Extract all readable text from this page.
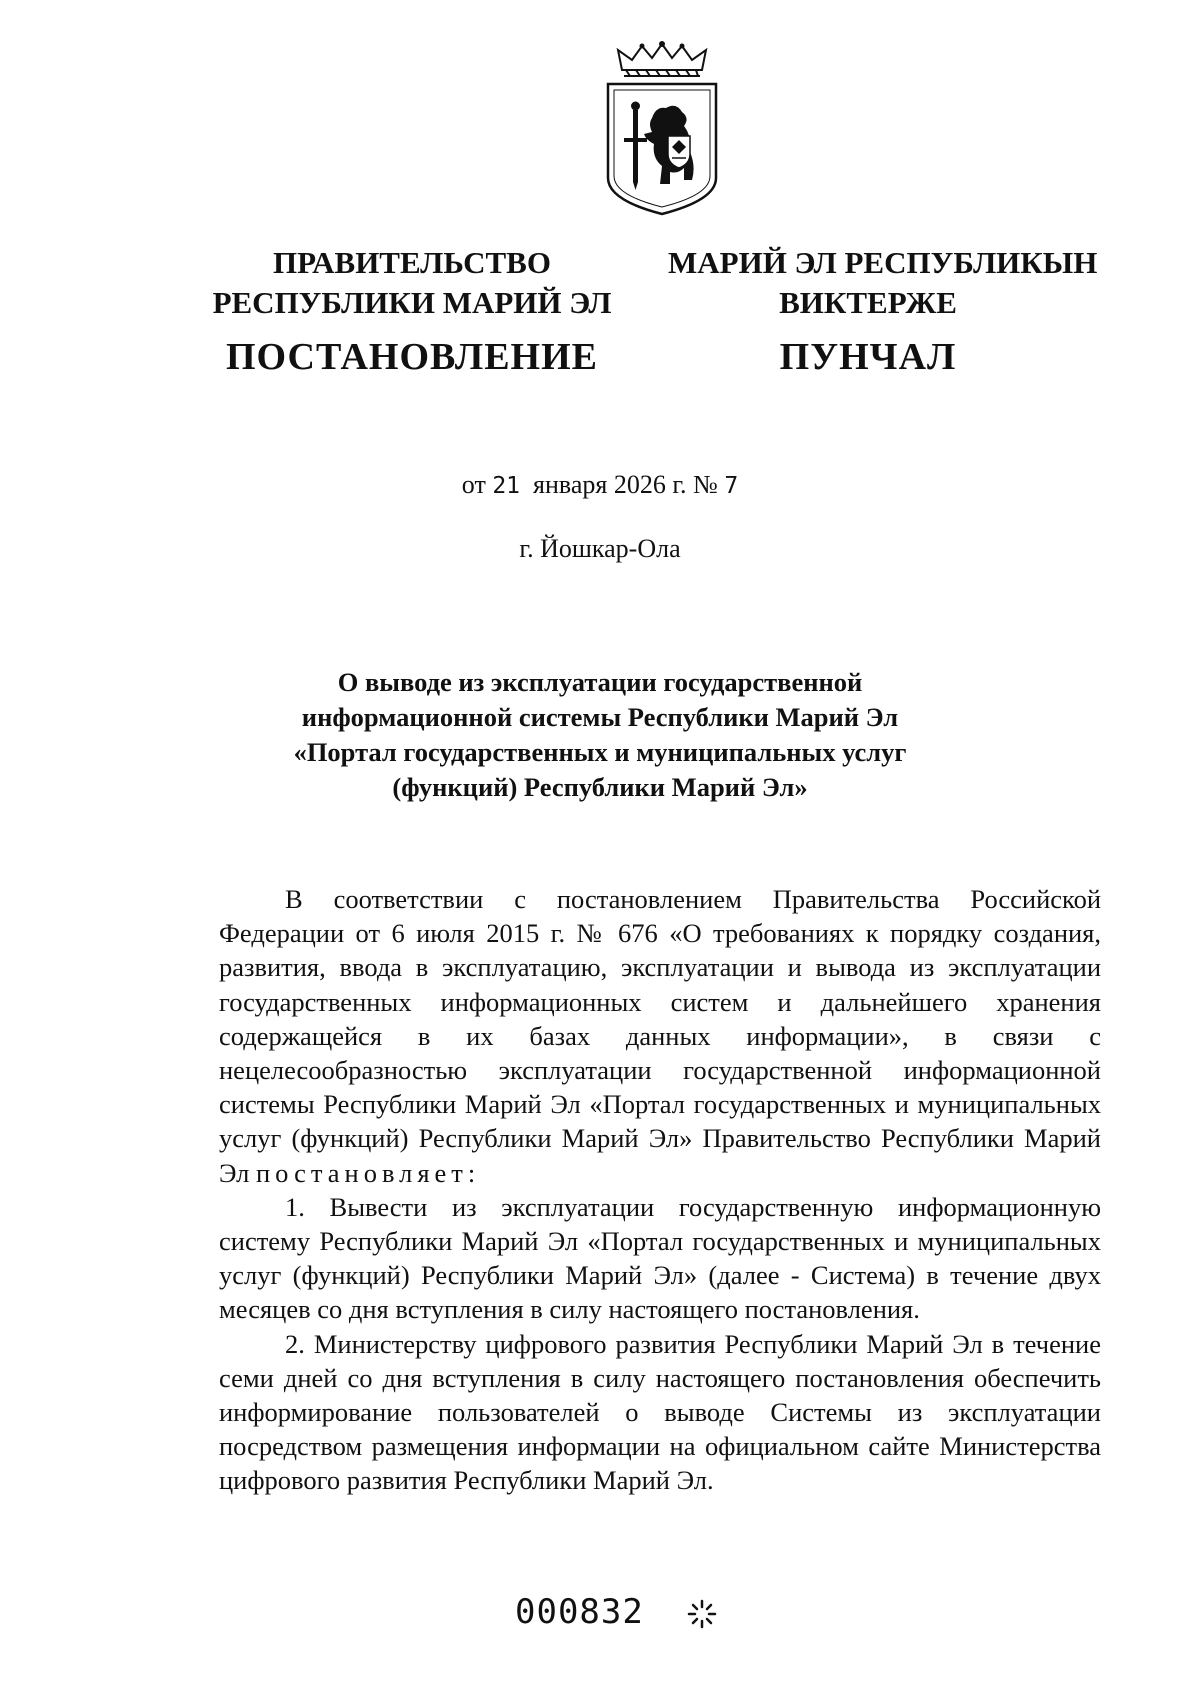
ПРАВИТЕЛЬСТВО
РЕСПУБЛИКИ МАРИЙ ЭЛ
ПОСТАНОВЛЕНИЕ
МАРИЙ ЭЛ РЕСПУБЛИКЫН
ВИКТЕРЖЕ
ПУНЧАЛ
от 21 января 2026 г. № 7
г. Йошкар-Ола
О выводе из эксплуатации государственной
информационной системы Республики Марий Эл
«Портал государственных и муниципальных услуг
(функций) Республики Марий Эл»

В соответствии с постановлением Правительства Российской Федерации от 6 июля 2015 г. № 676 «О требованиях к порядку создания, развития, ввода в эксплуатацию, эксплуатации и вывода из эксплуатации государственных информационных систем и дальнейшего хранения содержащейся в их базах данных информации», в связи с нецелесообразностью эксплуатации государственной информационной системы Республики Марий Эл «Портал государственных и муниципальных услуг (функций) Республики Марий Эл» Правительство Республики Марий Эл постановляет:

1. Вывести из эксплуатации государственную информационную систему Республики Марий Эл «Портал государственных и муниципальных услуг (функций) Республики Марий Эл» (далее - Система) в течение двух месяцев со дня вступления в силу настоящего постановления.

2. Министерству цифрового развития Республики Марий Эл в течение семи дней со дня вступления в силу настоящего постановления обеспечить информирование пользователей о выводе Системы из эксплуатации посредством размещения информации на официальном сайте Министерства цифрового развития Республики Марий Эл.

000832
